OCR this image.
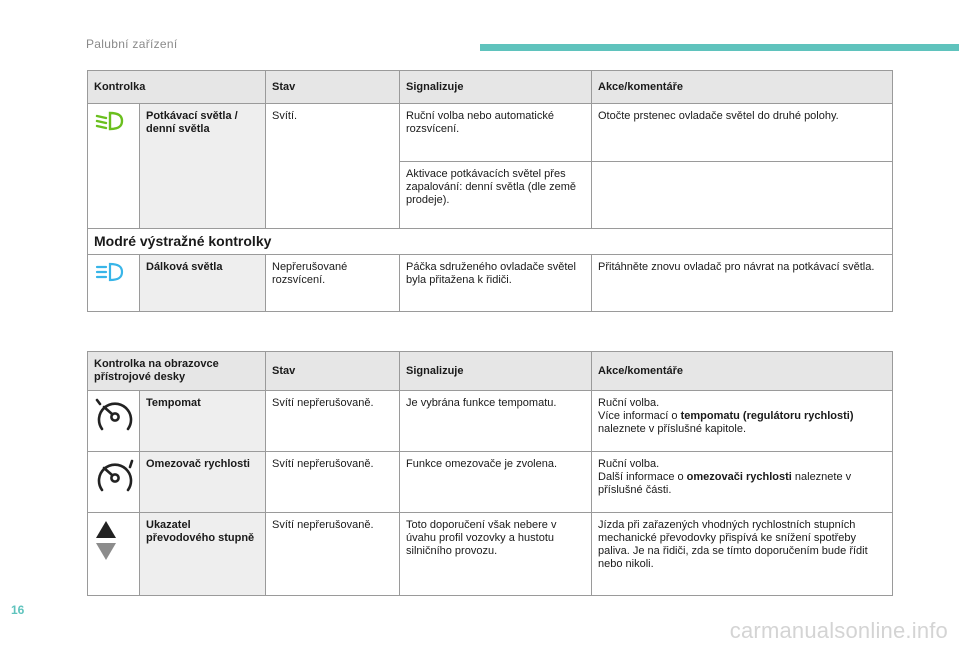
Palubní zařízení
Kontrolka		Stav	Signalizuje	Akce/komentáře
	Potkávací světla / denní světla	Svítí.	Ruční volba nebo automatické rozsvícení.	Otočte prstenec ovladače světel do druhé polohy.
			Aktivace potkávacích světel přes zapalování: denní světla (dle země prodeje).	
Modré výstražné kontrolky				
	Dálková světla	Nepřerušované rozsvícení.	Páčka sdruženého ovladače světel byla přitažena k řidiči.	Přitáhněte znovu ovladač pro návrat na potkávací světla.
Kontrolka na obrazovce přístrojové desky		Stav	Signalizuje	Akce/komentáře
	Tempomat	Svítí nepřerušovaně.	Je vybrána funkce tempomatu.	Ruční volba.
Více informací o tempomatu (regulátoru rychlosti) naleznete v příslušné kapitole.
	Omezovač rychlosti	Svítí nepřerušovaně.	Funkce omezovače je zvolena.	Ruční volba.
Další informace o omezovači rychlosti naleznete v příslušné části.
	Ukazatel převodového stupně	Svítí nepřerušovaně.	Toto doporučení však nebere v úvahu profil vozovky a hustotu silničního provozu.	Jízda při zařazených vhodných rychlostních stupních mechanické převodovky přispívá ke snížení spotřeby paliva. Je na řidiči, zda se tímto doporučením bude řídit nebo nikoli.
16
carmanualsonline.info
